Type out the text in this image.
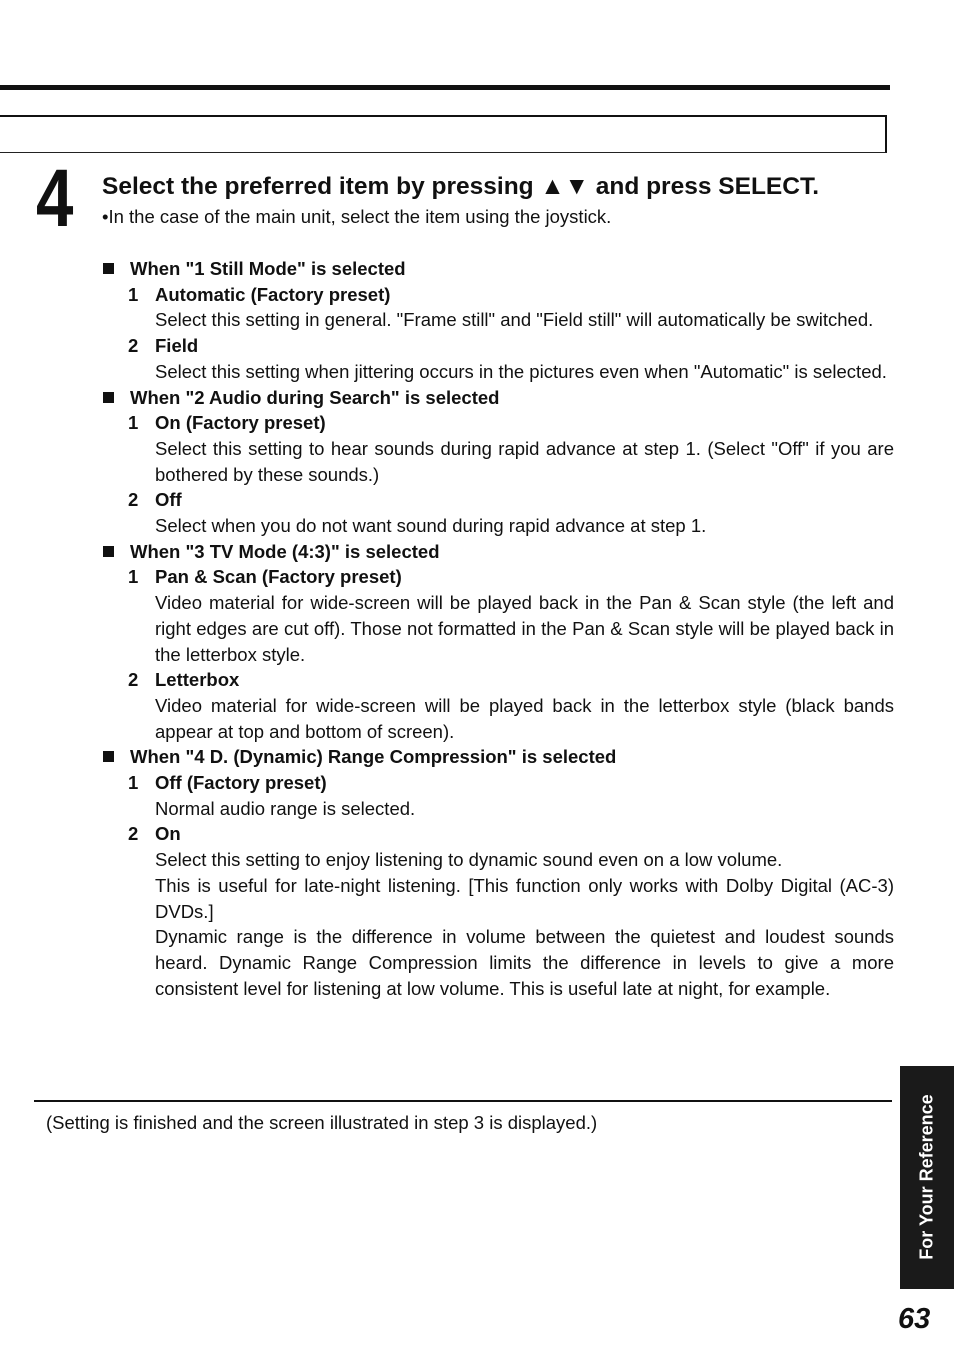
4 Select the preferred item by pressing ▲▼ and press SELECT.
•In the case of the main unit, select the item using the joystick.
When "1 Still Mode" is selected
1 Automatic (Factory preset)
Select this setting in general. "Frame still" and "Field still" will automatically be switched.
2 Field
Select this setting when jittering occurs in the pictures even when "Automatic" is selected.
When "2 Audio during Search" is selected
1 On (Factory preset)
Select this setting to hear sounds during rapid advance at step 1. (Select "Off" if you are bothered by these sounds.)
2 Off
Select when you do not want sound during rapid advance at step 1.
When "3 TV Mode (4:3)" is selected
1 Pan & Scan (Factory preset)
Video material for wide-screen will be played back in the Pan & Scan style (the left and right edges are cut off). Those not formatted in the Pan & Scan style will be played back in the letterbox style.
2 Letterbox
Video material for wide-screen will be played back in the letterbox style (black bands appear at top and bottom of screen).
When "4 D. (Dynamic) Range Compression" is selected
1 Off (Factory preset)
Normal audio range is selected.
2 On
Select this setting to enjoy listening to dynamic sound even on a low volume.
This is useful for late-night listening. [This function only works with Dolby Digital (AC-3) DVDs.]
Dynamic range is the difference in volume between the quietest and loudest sounds heard. Dynamic Range Compression limits the difference in levels to give a more consistent level for listening at low volume. This is useful late at night, for example.
(Setting is finished and the screen illustrated in step 3 is displayed.)	For Your Reference
63
